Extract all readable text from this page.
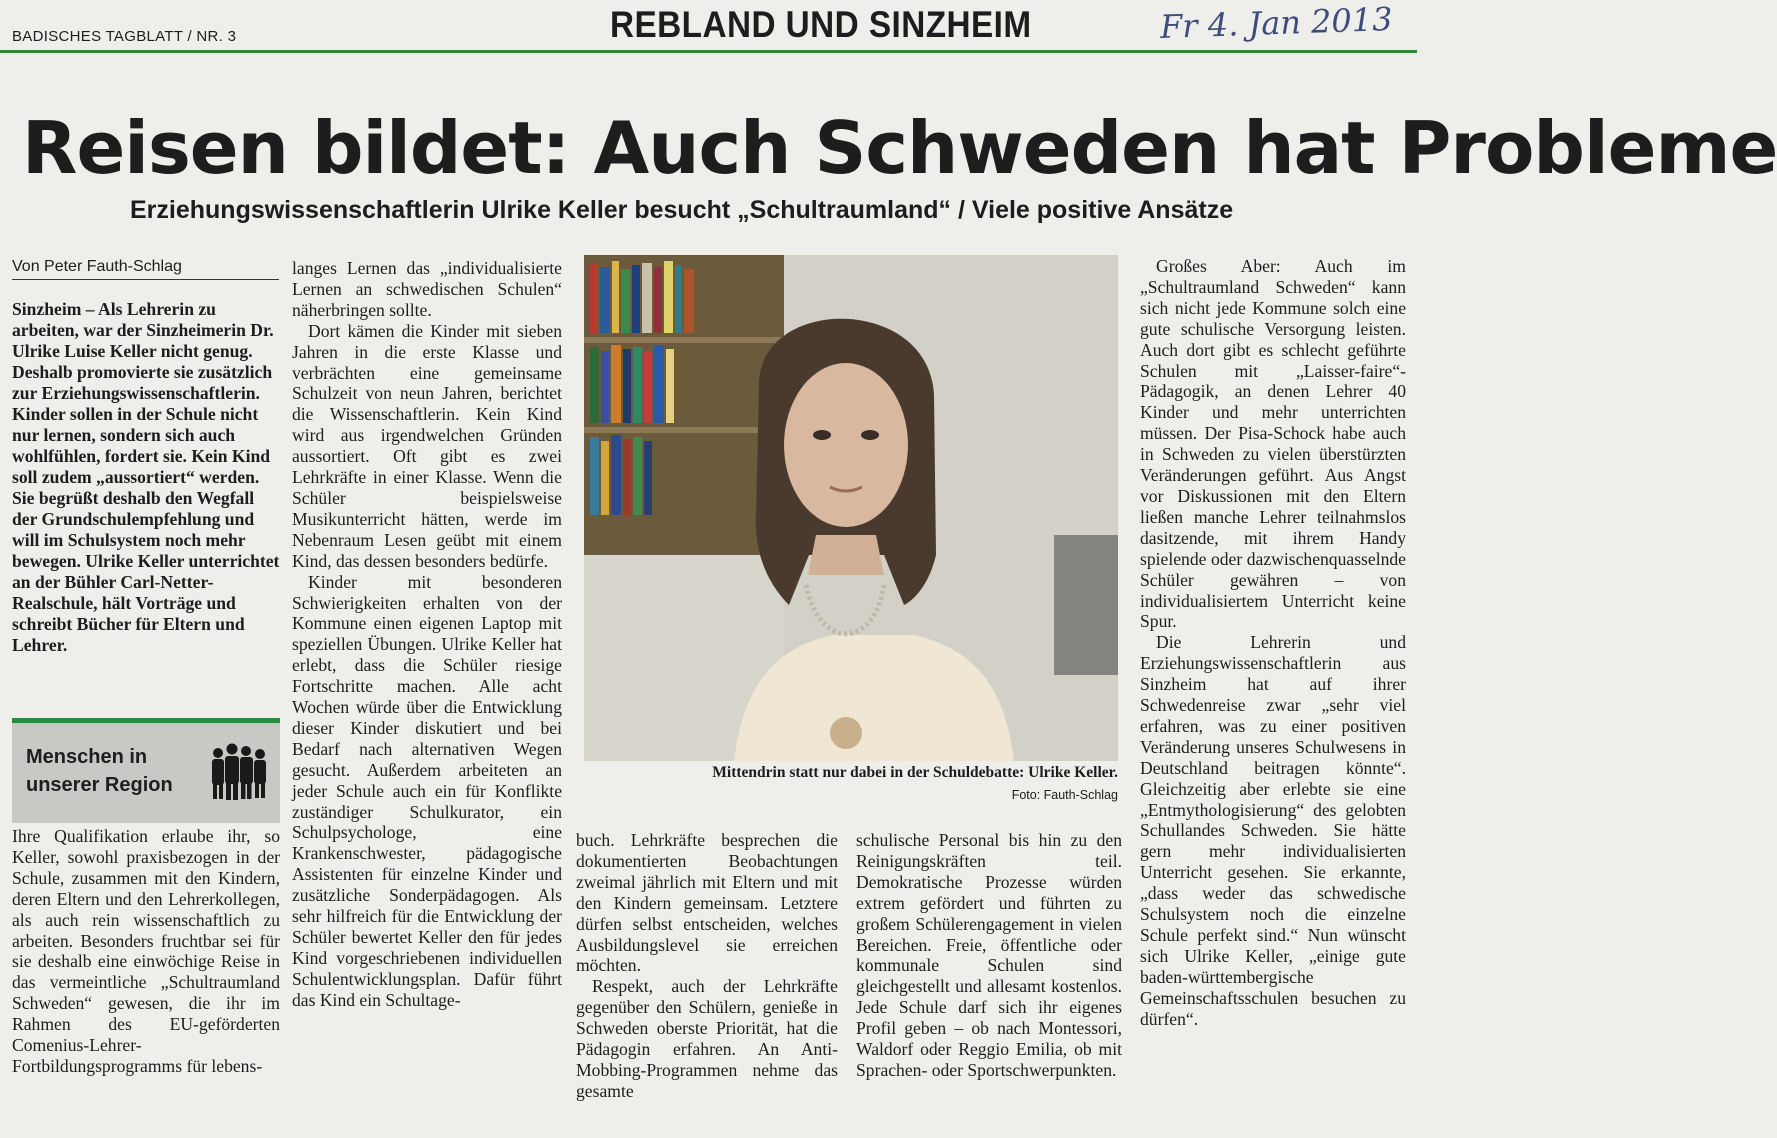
BADISCHES TAGBLATT / NR. 3	REBLAND UND SINZHEIM	Fr 4. Jan 2013
Reisen bildet: Auch Schweden hat Probleme
Erziehungswissenschaftlerin Ulrike Keller besucht „Schultraumland“ / Viele positive Ansätze
Von Peter Fauth-Schlag
Sinzheim – Als Lehrerin zu arbeiten, war der Sinzheimerin Dr. Ulrike Luise Keller nicht genug. Deshalb promovierte sie zusätzlich zur Erziehungswissenschaftlerin. Kinder sollen in der Schule nicht nur lernen, sondern sich auch wohlfühlen, fordert sie. Kein Kind soll zudem „aussortiert“ werden. Sie begrüßt deshalb den Wegfall der Grundschulempfehlung und will im Schulsystem noch mehr bewegen. Ulrike Keller unterrichtet an der Bühler Carl-Netter-Realschule, hält Vorträge und schreibt Bücher für Eltern und Lehrer.
Menschen in
unserer Region

Ihre Qualifikation erlaube ihr, so Keller, sowohl praxisbezogen in der Schule, zusammen mit den Kindern, deren Eltern und den Lehrerkollegen, als auch rein wissenschaftlich zu arbeiten. Besonders fruchtbar sei für sie deshalb eine einwöchige Reise in das vermeintliche „Schultraumland Schweden“ gewesen, die ihr im Rahmen des EU-geförderten Comenius-Lehrer-Fortbildungsprogramms für lebens-

langes Lernen das „individualisierte Lernen an schwedischen Schulen“ näherbringen sollte.

Dort kämen die Kinder mit sieben Jahren in die erste Klasse und verbrächten eine gemeinsame Schulzeit von neun Jahren, berichtet die Wissenschaftlerin. Kein Kind wird aus irgendwelchen Gründen aussortiert. Oft gibt es zwei Lehrkräfte in einer Klasse. Wenn die Schüler beispielsweise Musikunterricht hätten, werde im Nebenraum Lesen geübt mit einem Kind, das dessen besonders bedürfe.

Kinder mit besonderen Schwierigkeiten erhalten von der Kommune einen eigenen Laptop mit speziellen Übungen. Ulrike Keller hat erlebt, dass die Schüler riesige Fortschritte machen. Alle acht Wochen würde über die Entwicklung dieser Kinder diskutiert und bei Bedarf nach alternativen Wegen gesucht. Außerdem arbeiteten an jeder Schule auch ein für Konflikte zuständiger Schulkurator, ein Schulpsychologe, eine Krankenschwester, pädagogische Assistenten für einzelne Kinder und zusätzliche Sonderpädagogen. Als sehr hilfreich für die Entwicklung der Schüler bewertet Keller den für jedes Kind vorgeschriebenen individuellen Schulentwicklungsplan. Dafür führt das Kind ein Schultage-

Mittendrin statt nur dabei in der Schuldebatte: Ulrike Keller.
Foto: Fauth-Schlag

buch. Lehrkräfte besprechen die dokumentierten Beobachtungen zweimal jährlich mit Eltern und mit den Kindern gemeinsam. Letztere dürfen selbst entscheiden, welches Ausbildungslevel sie erreichen möchten.

Respekt, auch der Lehrkräfte gegenüber den Schülern, genieße in Schweden oberste Priorität, hat die Pädagogin erfahren. An Anti-Mobbing-Programmen nehme das gesamte

schulische Personal bis hin zu den Reinigungskräften teil. Demokratische Prozesse würden extrem gefördert und führten zu großem Schülerengagement in vielen Bereichen. Freie, öffentliche oder kommunale Schulen sind gleichgestellt und allesamt kostenlos. Jede Schule darf sich ihr eigenes Profil geben – ob nach Montessori, Waldorf oder Reggio Emilia, ob mit Sprachen- oder Sportschwerpunkten.

Großes Aber: Auch im „Schultraumland Schweden“ kann sich nicht jede Kommune solch eine gute schulische Versorgung leisten. Auch dort gibt es schlecht geführte Schulen mit „Laisser-faire“-Pädagogik, an denen Lehrer 40 Kinder und mehr unterrichten müssen. Der Pisa-Schock habe auch in Schweden zu vielen überstürzten Veränderungen geführt. Aus Angst vor Diskussionen mit den Eltern ließen manche Lehrer teilnahmslos dasitzende, mit ihrem Handy spielende oder dazwischenquasselnde Schüler gewähren – von individualisiertem Unterricht keine Spur.

Die Lehrerin und Erziehungswissenschaftlerin aus Sinzheim hat auf ihrer Schwedenreise zwar „sehr viel erfahren, was zu einer positiven Veränderung unseres Schulwesens in Deutschland beitragen könnte“. Gleichzeitig aber erlebte sie eine „Entmythologisierung“ des gelobten Schullandes Schweden. Sie hätte gern mehr individualisierten Unterricht gesehen. Sie erkannte, „dass weder das schwedische Schulsystem noch die einzelne Schule perfekt sind.“ Nun wünscht sich Ulrike Keller, „einige gute baden-württembergische Gemeinschaftsschulen besuchen zu dürfen“.
